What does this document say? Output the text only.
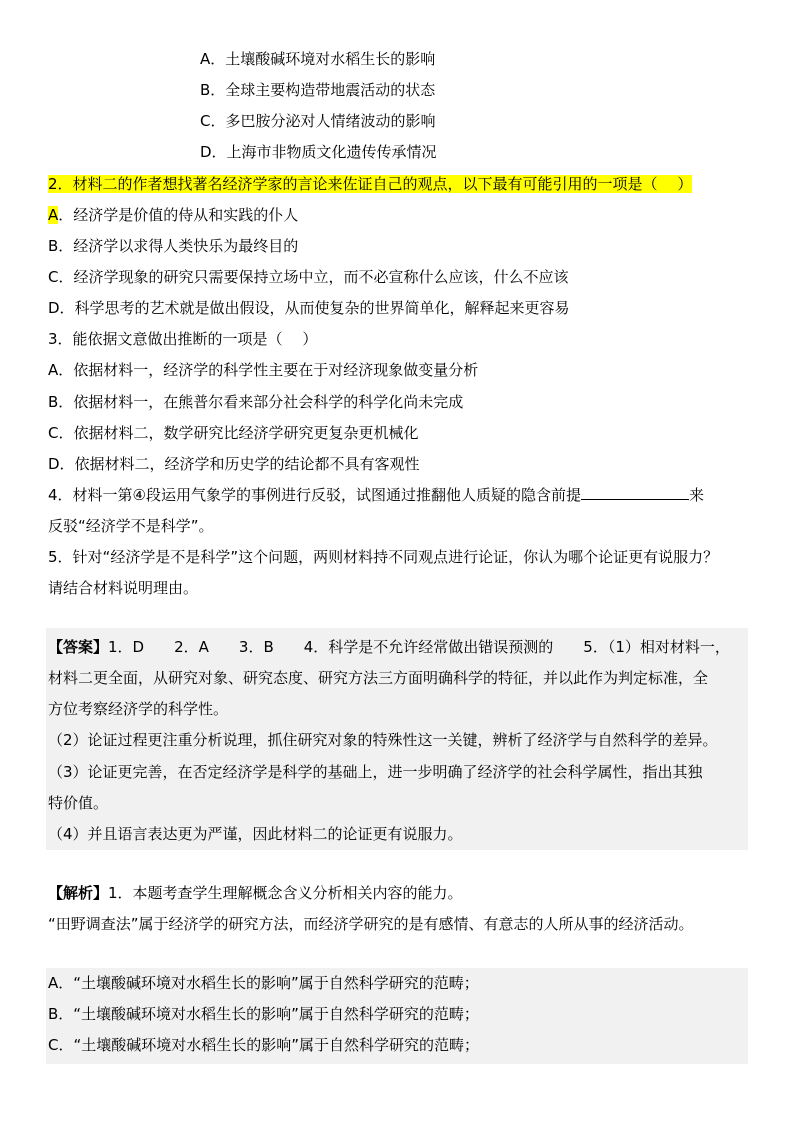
A．土壤酸碱环境对水稻生长的影响
B．全球主要构造带地震活动的状态
C．多巴胺分泌对人情绪波动的影响
D．上海市非物质文化遗传传承情况
2．材料二的作者想找著名经济学家的言论来佐证自己的观点，以下最有可能引用的一项是（　 ）
A．经济学是价值的侍从和实践的仆人
B．经济学以求得人类快乐为最终目的
C．经济学现象的研究只需要保持立场中立，而不必宣称什么应该，什么不应该
D．科学思考的艺术就是做出假设，从而使复杂的世界简单化，解释起来更容易
3．能依据文意做出推断的一项是（　 ）
A．依据材料一，经济学的科学性主要在于对经济现象做变量分析
B．依据材料一，在熊普尔看来部分社会科学的科学化尚未完成
C．依据材料二，数学研究比经济学研究更复杂更机械化
D．依据材料二，经济学和历史学的结论都不具有客观性
4．材料一第④段运用气象学的事例进行反驳，试图通过推翻他人质疑的隐含前提	来
反驳“经济学不是科学”。
5．针对“经济学是不是科学”这个问题，两则材料持不同观点进行论证，你认为哪个论证更有说服力？
请结合材料说明理由。
【答案】1．D　　2．A　　3．B　　4．科学是不允许经常做出错误预测的　　5．（1）相对材料一，
材料二更全面，从研究对象、研究态度、研究方法三方面明确科学的特征，并以此作为判定标准，全
方位考察经济学的科学性。
（2）论证过程更注重分析说理，抓住研究对象的特殊性这一关键，辨析了经济学与自然科学的差异。
（3）论证更完善，在否定经济学是科学的基础上，进一步明确了经济学的社会科学属性，指出其独
特价值。
（4）并且语言表达更为严谨，因此材料二的论证更有说服力。
【解析】1．本题考查学生理解概念含义分析相关内容的能力。
“田野调查法”属于经济学的研究方法，而经济学研究的是有感情、有意志的人所从事的经济活动。
A．“土壤酸碱环境对水稻生长的影响”属于自然科学研究的范畴；
B．“土壤酸碱环境对水稻生长的影响”属于自然科学研究的范畴；
C．“土壤酸碱环境对水稻生长的影响”属于自然科学研究的范畴；
